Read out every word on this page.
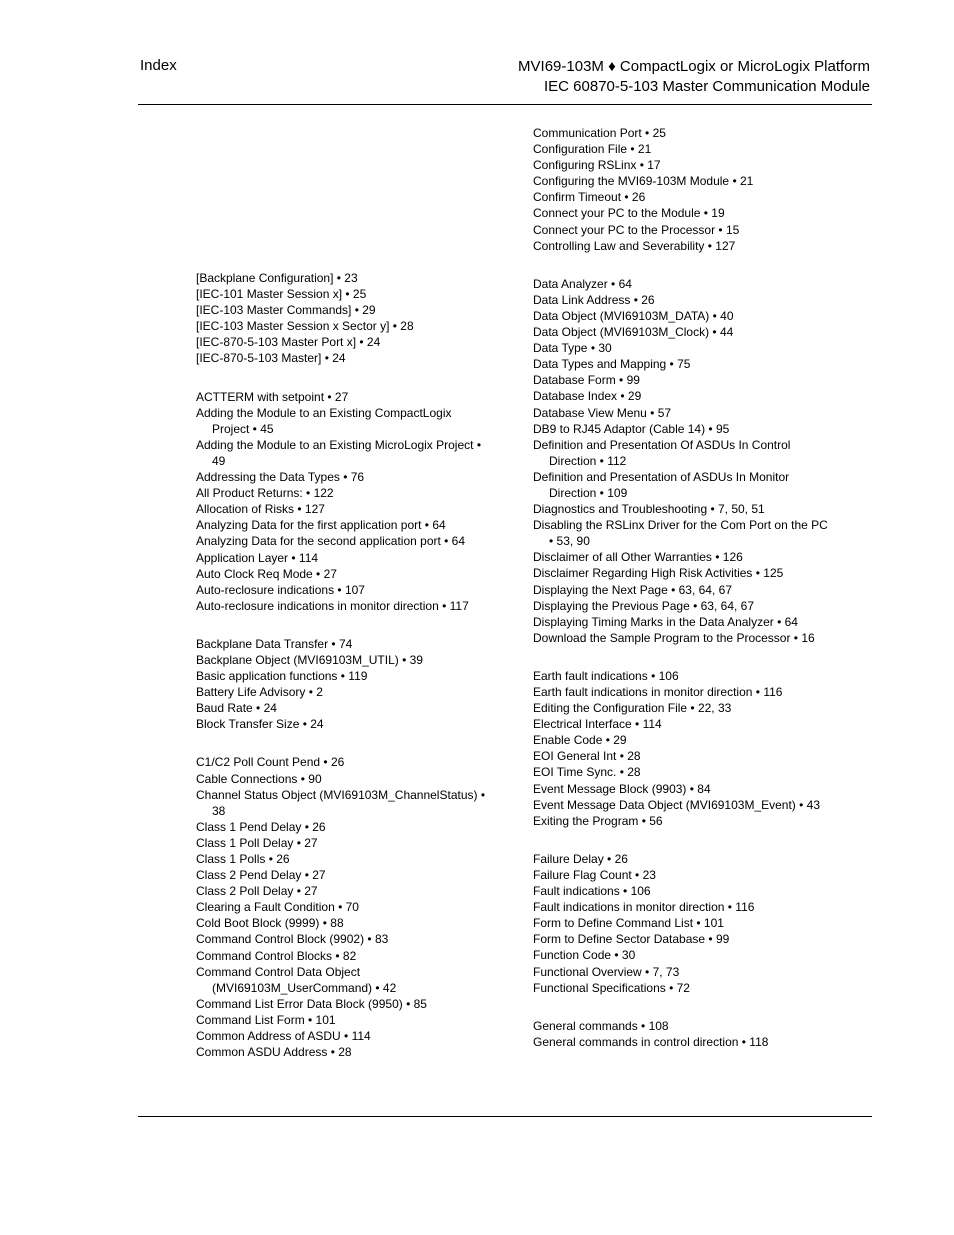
Index	MVI69-103M ♦ CompactLogix or MicroLogix Platform
IEC 60870-5-103 Master Communication Module
[Backplane Configuration] • 23
[IEC-101 Master Session x] • 25
[IEC-103 Master Commands] • 29
[IEC-103 Master Session x Sector y] • 28
[IEC-870-5-103 Master Port x] • 24
[IEC-870-5-103 Master] • 24
ACTTERM with setpoint • 27
Adding the Module to an Existing CompactLogix Project • 45
Adding the Module to an Existing MicroLogix Project • 49
Addressing the Data Types • 76
All Product Returns: • 122
Allocation of Risks • 127
Analyzing Data for the first application port • 64
Analyzing Data for the second application port • 64
Application Layer • 114
Auto Clock Req Mode • 27
Auto-reclosure indications • 107
Auto-reclosure indications in monitor direction • 117
Backplane Data Transfer • 74
Backplane Object (MVI69103M_UTIL) • 39
Basic application functions • 119
Battery Life Advisory • 2
Baud Rate • 24
Block Transfer Size • 24
C1/C2 Poll Count Pend • 26
Cable Connections • 90
Channel Status Object (MVI69103M_ChannelStatus) • 38
Class 1 Pend Delay • 26
Class 1 Poll Delay • 27
Class 1 Polls • 26
Class 2 Pend Delay • 27
Class 2 Poll Delay • 27
Clearing a Fault Condition • 70
Cold Boot Block (9999) • 88
Command Control Block (9902) • 83
Command Control Blocks • 82
Command Control Data Object (MVI69103M_UserCommand) • 42
Command List Error Data Block (9950) • 85
Command List Form • 101
Common Address of ASDU • 114
Common ASDU Address • 28
Communication Port • 25
Configuration File • 21
Configuring RSLinx • 17
Configuring the MVI69-103M Module • 21
Confirm Timeout • 26
Connect your PC to the Module • 19
Connect your PC to the Processor • 15
Controlling Law and Severability • 127
Data Analyzer • 64
Data Link Address • 26
Data Object (MVI69103M_DATA) • 40
Data Object (MVI69103M_Clock) • 44
Data Type • 30
Data Types and Mapping • 75
Database Form • 99
Database Index • 29
Database View Menu • 57
DB9 to RJ45 Adaptor (Cable 14) • 95
Definition and Presentation Of ASDUs In Control Direction • 112
Definition and Presentation of ASDUs In Monitor Direction • 109
Diagnostics and Troubleshooting • 7, 50, 51
Disabling the RSLinx Driver for the Com Port on the PC • 53, 90
Disclaimer of all Other Warranties • 126
Disclaimer Regarding High Risk Activities • 125
Displaying the Next Page • 63, 64, 67
Displaying the Previous Page • 63, 64, 67
Displaying Timing Marks in the Data Analyzer • 64
Download the Sample Program to the Processor • 16
Earth fault indications • 106
Earth fault indications in monitor direction • 116
Editing the Configuration File • 22, 33
Electrical Interface • 114
Enable Code • 29
EOI General Int • 28
EOI Time Sync. • 28
Event Message Block (9903) • 84
Event Message Data Object (MVI69103M_Event) • 43
Exiting the Program • 56
Failure Delay • 26
Failure Flag Count • 23
Fault indications • 106
Fault indications in monitor direction • 116
Form to Define Command List • 101
Form to Define Sector Database • 99
Function Code • 30
Functional Overview • 7, 73
Functional Specifications • 72
General commands • 108
General commands in control direction • 118
